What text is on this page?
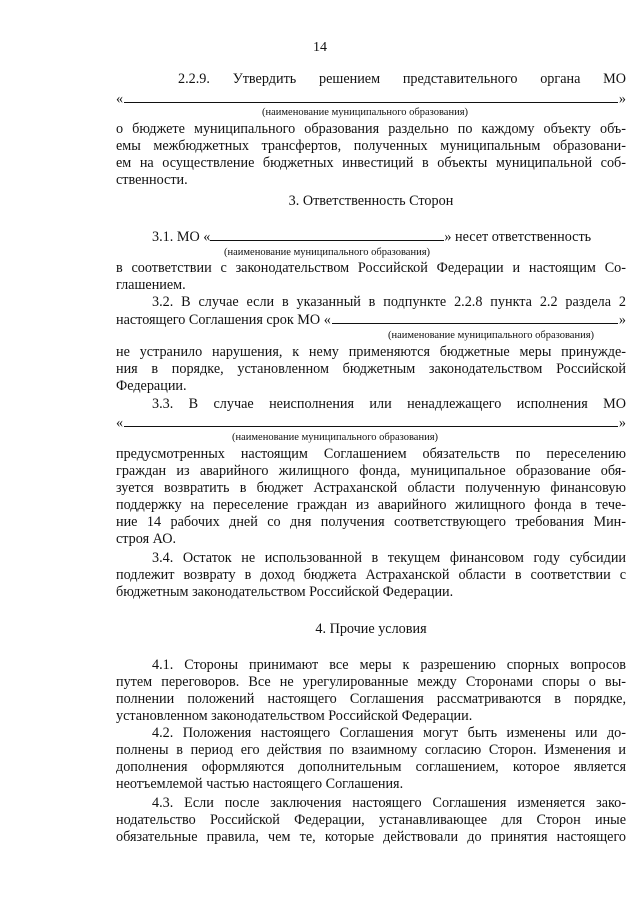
14
2.2.9. Утвердить решением представительного органа МО
«	»
(наименование муниципального образования)
о бюджете муниципального образования раздельно по каждому объекту объ-
емы межбюджетных трансфертов, полученных муниципальным образовани-
ем на осуществление бюджетных инвестиций в объекты муниципальной соб-
ственности.
3. Ответственность Сторон
3.1. МО «	» несет ответственность
(наименование муниципального образования)
в соответствии с законодательством Российской Федерации и настоящим Со-
глашением.
3.2. В случае если в указанный в подпункте 2.2.8 пункта 2.2 раздела 2
настоящего Соглашения срок МО «	»
(наименование муниципального образования)
не устранило нарушения, к нему применяются бюджетные меры принужде-
ния в порядке, установленном бюджетным законодательством Российской
Федерации.
3.3. В случае неисполнения или ненадлежащего исполнения МО
«	»
(наименование муниципального образования)
предусмотренных настоящим Соглашением обязательств по переселению
граждан из аварийного жилищного фонда, муниципальное образование обя-
зуется возвратить в бюджет Астраханской области полученную финансовую
поддержку на переселение граждан из аварийного жилищного фонда в тече-
ние 14 рабочих дней со дня получения соответствующего требования Мин-
строя АО.
3.4. Остаток не использованной в текущем финансовом году субсидии
подлежит возврату в доход бюджета Астраханской области в соответствии с
бюджетным законодательством Российской Федерации.
4. Прочие условия
4.1. Стороны принимают все меры к разрешению спорных вопросов
путем переговоров. Все не урегулированные между Сторонами споры о вы-
полнении положений настоящего Соглашения рассматриваются в порядке,
установленном законодательством Российской Федерации.
4.2. Положения настоящего Соглашения могут быть изменены или до-
полнены в период его действия по взаимному согласию Сторон. Изменения и
дополнения оформляются дополнительным соглашением, которое является
неотъемлемой частью настоящего Соглашения.
4.3. Если после заключения настоящего Соглашения изменяется зако-
нодательство Российской Федерации, устанавливающее для Сторон иные
обязательные правила, чем те, которые действовали до принятия настоящего
